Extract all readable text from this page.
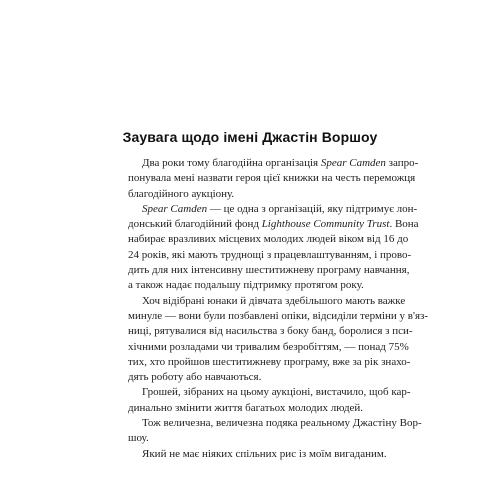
Заувага щодо імені Джастін Воршоу
Два роки тому благодійна організація Spear Camden запро-
понувала мені назвати героя цієї книжки на честь переможця
благодійного аукціону.
Spear Camden — це одна з організацій, яку підтримує лон-
донський благодійний фонд Lighthouse Community Trust. Вона
набирає вразливих місцевих молодих людей віком від 16 до
24 років, які мають труднощі з працевлаштуванням, і прово-
дить для них інтенсивну шеститижневу програму навчання,
а також надає подальшу підтримку протягом року.
Хоч відібрані юнаки й дівчата здебільшого мають важке
минуле — вони були позбавлені опіки, відсиділи терміни у в'яз-
ниці, рятувалися від насильства з боку банд, боролися з пси-
хічними розладами чи тривалим безробіттям, — понад 75%
тих, хто пройшов шеститижневу програму, вже за рік знахо-
дять роботу або навчаються.
Грошей, зібраних на цьому аукціоні, вистачило, щоб кар-
динально змінити життя багатьох молодих людей.
Тож величезна, величезна подяка реальному Джастіну Вор-
шоу.
Який не має ніяких спільних рис із моїм вигаданим.
